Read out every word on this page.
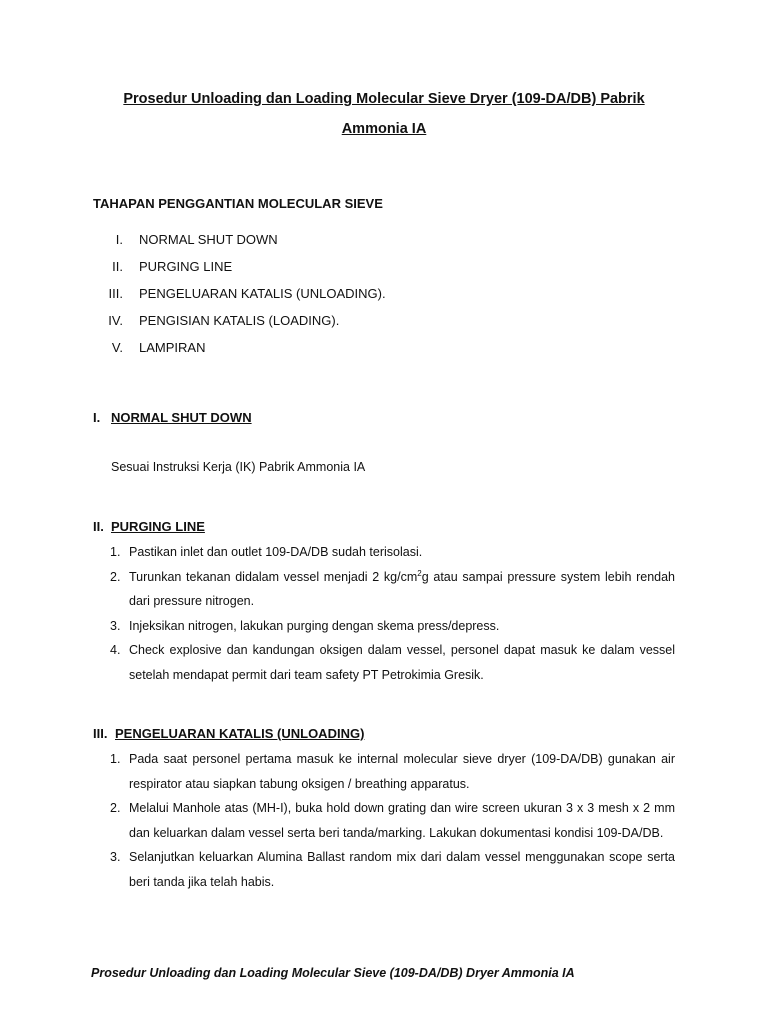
Prosedur Unloading dan Loading Molecular Sieve Dryer (109-DA/DB) Pabrik

Ammonia IA

TAHAPAN PENGGANTIAN MOLECULAR SIEVE

I. NORMAL SHUT DOWN
II. PURGING LINE
III. PENGELUARAN KATALIS (UNLOADING).
IV. PENGISIAN KATALIS (LOADING).
V. LAMPIRAN

I. NORMAL SHUT DOWN

Sesuai Instruksi Kerja (IK) Pabrik Ammonia IA

II. PURGING LINE

1. Pastikan inlet dan outlet 109-DA/DB sudah terisolasi.
2. Turunkan tekanan didalam vessel menjadi 2 $kg/cm^2g$ atau sampai pressure system lebih rendah dari pressure nitrogen.
3. Injeksikan nitrogen, lakukan purging dengan skema press/depress.
4. Check explosive dan kandungan oksigen dalam vessel, personel dapat masuk ke dalam vessel setelah mendapat permit dari team safety PT Petrokimia Gresik.

III. PENGELUARAN KATALIS (UNLOADING)

1. Pada saat personel pertama masuk ke internal molecular sieve dryer (109-DA/DB) gunakan air respirator atau siapkan tabung oksigen / breathing apparatus.
2. Melalui Manhole atas (MH-I), buka hold down grating dan wire screen ukuran 3 x 3 mesh x 2 mm dan keluarkan dalam vessel serta beri tanda/marking. Lakukan dokumentasi kondisi 109-DA/DB.
3. Selanjutkan keluarkan Alumina Ballast random mix dari dalam vessel menggunakan scope serta beri tanda jika telah habis.

Prosedur Unloading dan Loading Molecular Sieve (109-DA/DB) Dryer Ammonia IA
